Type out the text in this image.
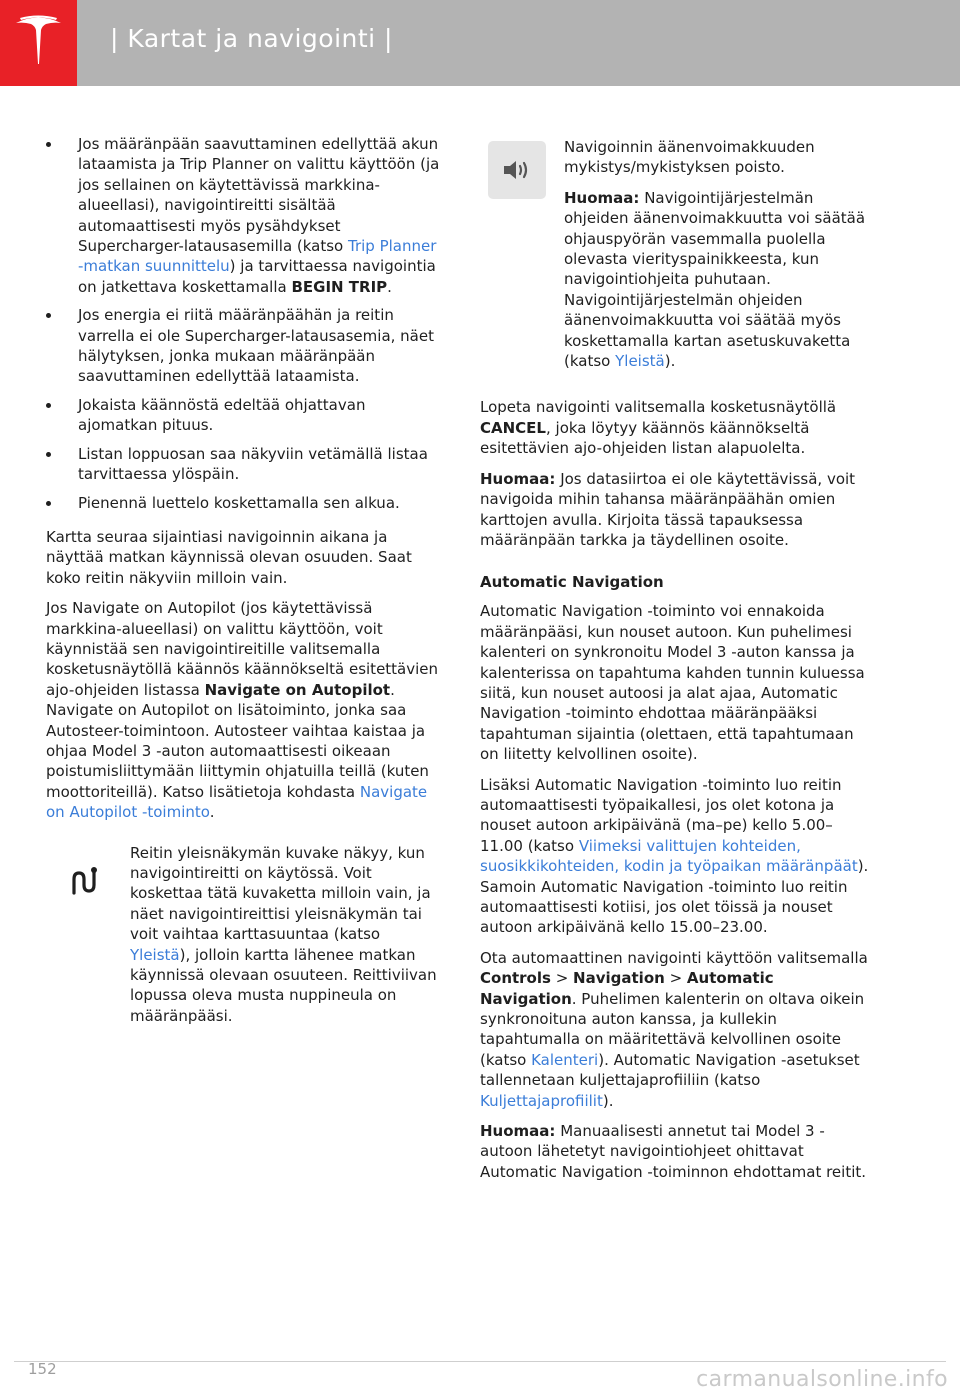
| Kartat ja navigointi |
Jos määränpään saavuttaminen edellyttää akun lataamista ja Trip Planner on valittu käyttöön (ja jos sellainen on käytettävissä markkina-alueellasi), navigointireitti sisältää automaattisesti myös pysähdykset Supercharger-latausasemilla (katso Trip Planner -matkan suunnittelu) ja tarvittaessa navigointia on jatkettava koskettamalla BEGIN TRIP.
Jos energia ei riitä määränpäähän ja reitin varrella ei ole Supercharger-latausasemia, näet hälytyksen, jonka mukaan määränpään saavuttaminen edellyttää lataamista.
Jokaista käännöstä edeltää ohjattavan ajomatkan pituus.
Listan loppuosan saa näkyviin vetämällä listaa tarvittaessa ylöspäin.
Pienennä luettelo koskettamalla sen alkua.

Kartta seuraa sijaintiasi navigoinnin aikana ja näyttää matkan käynnissä olevan osuuden. Saat koko reitin näkyviin milloin vain.

Jos Navigate on Autopilot (jos käytettävissä markkina-alueellasi) on valittu käyttöön, voit käynnistää sen navigointireitille valitsemalla kosketusnäytöllä käännös käännökseltä esitettävien ajo-ohjeiden listassa Navigate on Autopilot. Navigate on Autopilot on lisätoiminto, jonka saa Autosteer-toimintoon. Autosteer vaihtaa kaistaa ja ohjaa Model 3 -auton automaattisesti oikeaan poistumisliittymään liittymin ohjatuilla teillä (kuten moottoriteillä). Katso lisätietoja kohdasta Navigate on Autopilot -toiminto.

Reitin yleisnäkymän kuvake näkyy, kun navigointireitti on käytössä. Voit koskettaa tätä kuvaketta milloin vain, ja näet navigointireittisi yleisnäkymän tai voit vaihtaa karttasuuntaa (katso Yleistä), jolloin kartta lähenee matkan käynnissä olevaan osuuteen. Reittiviivan lopussa oleva musta nuppineula on määränpääsi.

Navigoinnin äänenvoimakkuuden mykistys/mykistyksen poisto.

Huomaa: Navigointijärjestelmän ohjeiden äänenvoimakkuutta voi säätää ohjauspyörän vasemmalla puolella olevasta vierityspainikkeesta, kun navigointiohjeita puhutaan. Navigointijärjestelmän ohjeiden äänenvoimakkuutta voi säätää myös koskettamalla kartan asetuskuvaketta (katso Yleistä).

Lopeta navigointi valitsemalla kosketusnäytöllä CANCEL, joka löytyy käännös käännökseltä esitettävien ajo-ohjeiden listan alapuolelta.

Huomaa: Jos datasiirtoa ei ole käytettävissä, voit navigoida mihin tahansa määränpäähän omien karttojen avulla. Kirjoita tässä tapauksessa määränpään tarkka ja täydellinen osoite.

Automatic Navigation

Automatic Navigation -toiminto voi ennakoida määränpääsi, kun nouset autoon. Kun puhelimesi kalenteri on synkronoitu Model 3 -auton kanssa ja kalenterissa on tapahtuma kahden tunnin kuluessa siitä, kun nouset autoosi ja alat ajaa, Automatic Navigation -toiminto ehdottaa määränpääksi tapahtuman sijaintia (olettaen, että tapahtumaan on liitetty kelvollinen osoite).

Lisäksi Automatic Navigation -toiminto luo reitin automaattisesti työpaikallesi, jos olet kotona ja nouset autoon arkipäivänä (ma–pe) kello 5.00–11.00 (katso Viimeksi valittujen kohteiden, suosikkikohteiden, kodin ja työpaikan määränpäät). Samoin Automatic Navigation -toiminto luo reitin automaattisesti kotiisi, jos olet töissä ja nouset autoon arkipäivänä kello 15.00–23.00.

Ota automaattinen navigointi käyttöön valitsemalla Controls > Navigation > Automatic Navigation. Puhelimen kalenterin on oltava oikein synkronoituna auton kanssa, ja kullekin tapahtumalla on määritettävä kelvollinen osoite (katso Kalenteri). Automatic Navigation -asetukset tallennetaan kuljettajaprofiiliin (katso Kuljettajaprofiilit).

Huomaa: Manuaalisesti annetut tai Model 3 -autoon lähetetyt navigointiohjeet ohittavat Automatic Navigation -toiminnon ehdottamat reitit.

152	carmanualsonline.info
